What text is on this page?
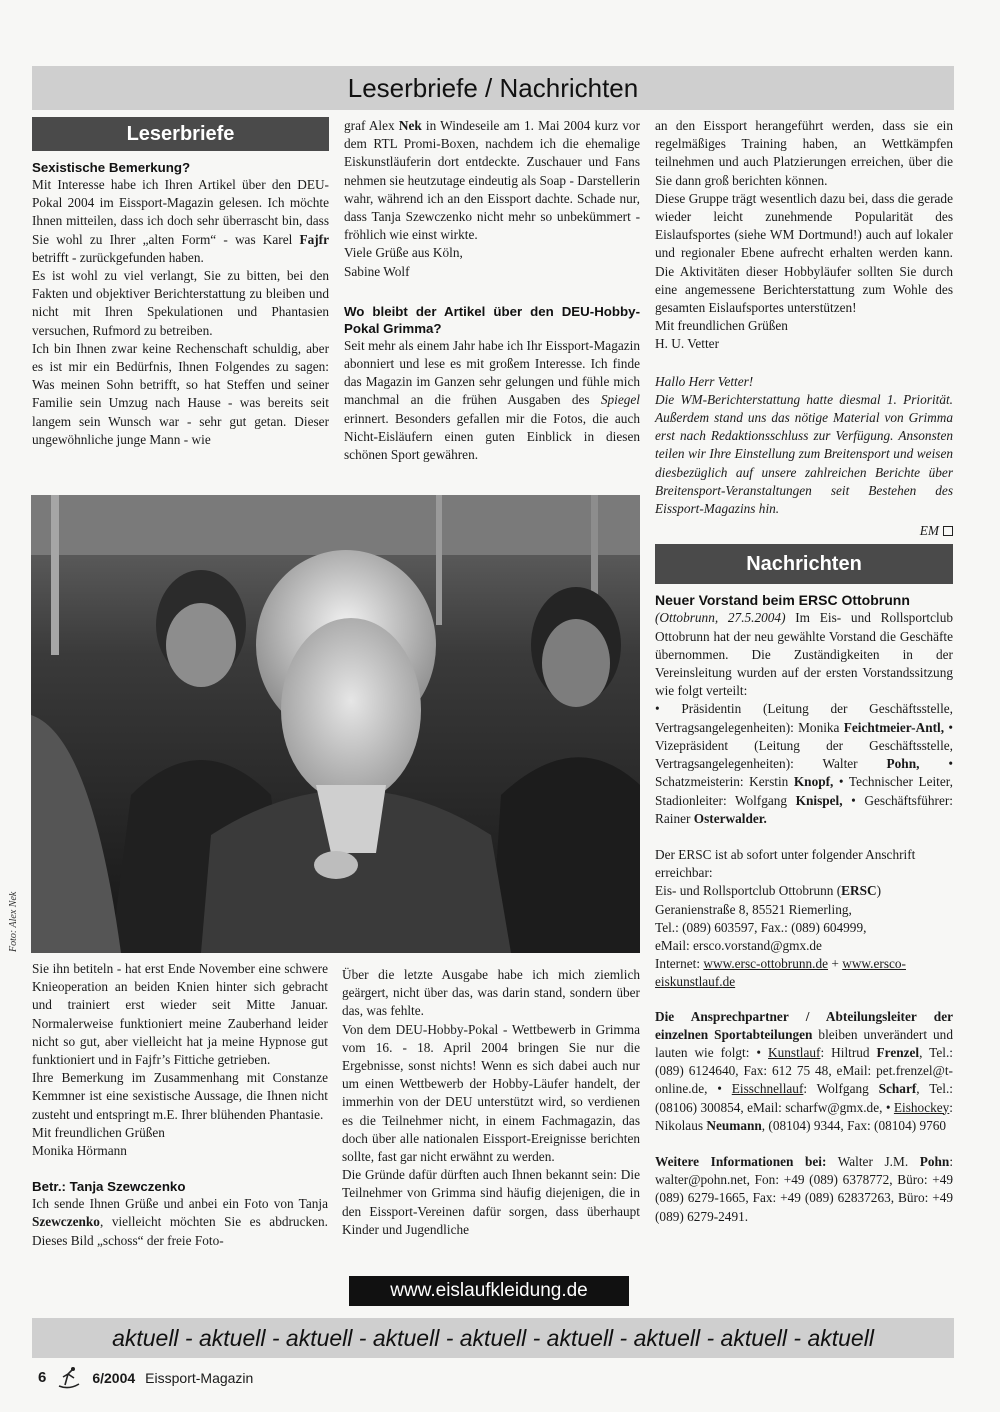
Leserbriefe / Nachrichten
Leserbriefe
Sexistische Bemerkung?

Mit Interesse habe ich Ihren Artikel über den DEU-Pokal 2004 im Eissport-Magazin gelesen. Ich möchte Ihnen mitteilen, dass ich doch sehr überrascht bin, dass Sie wohl zu Ihrer „alten Form“ - was Karel Fajfr betrifft - zurückgefunden haben.

Es ist wohl zu viel verlangt, Sie zu bitten, bei den Fakten und objektiver Berichterstattung zu bleiben und nicht mit Ihren Spekulationen und Phantasien versuchen, Rufmord zu betreiben.

Ich bin Ihnen zwar keine Rechenschaft schuldig, aber es ist mir ein Bedürfnis, Ihnen Folgendes zu sagen: Was meinen Sohn betrifft, so hat Steffen und seiner Familie sein Umzug nach Hause - was bereits seit langem sein Wunsch war - sehr gut getan. Dieser ungewöhnliche junge Mann - wie

graf Alex Nek in Windeseile am 1. Mai 2004 kurz vor dem RTL Promi-Boxen, nachdem ich die ehemalige Eiskunstläuferin dort entdeckte. Zuschauer und Fans nehmen sie heutzutage eindeutig als Soap - Darstellerin wahr, während ich an den Eissport dachte. Schade nur, dass Tanja Szewczenko nicht mehr so unbekümmert - fröhlich wie einst wirkte.

Viele Grüße aus Köln,

Sabine Wolf

Wo bleibt der Artikel über den DEU-Hobby-Pokal Grimma?

Seit mehr als einem Jahr habe ich Ihr Eissport-Magazin abonniert und lese es mit großem Interesse. Ich finde das Magazin im Ganzen sehr gelungen und fühle mich manchmal an die frühen Ausgaben des Spiegel erinnert. Besonders gefallen mir die Fotos, die auch Nicht-Eisläufern einen guten Einblick in diesen schönen Sport gewähren.

an den Eissport herangeführt werden, dass sie ein regelmäßiges Training haben, an Wettkämpfen teilnehmen und auch Platzierungen erreichen, über die Sie dann groß berichten können.

Diese Gruppe trägt wesentlich dazu bei, dass die gerade wieder leicht zunehmende Popularität des Eislaufsportes (siehe WM Dortmund!) auch auf lokaler und regionaler Ebene aufrecht erhalten werden kann. Die Aktivitäten dieser Hobbyläufer sollten Sie durch eine angemessene Berichterstattung zum Wohle des gesamten Eislaufsportes unterstützen!

Mit freundlichen Grüßen

H. U. Vetter

Hallo Herr Vetter!

Die WM-Berichterstattung hatte diesmal 1. Priorität. Außerdem stand uns das nötige Material von Grimma erst nach Redaktionsschluss zur Verfügung. Ansonsten teilen wir Ihre Einstellung zum Breitensport und weisen diesbezüglich auf unsere zahlreichen Berichte über Breitensport-Veranstaltungen seit Bestehen des Eissport-Magazins hin.

EM
Nachrichten
Neuer Vorstand beim ERSC Ottobrunn

(Ottobrunn, 27.5.2004) Im Eis- und Rollsportclub Ottobrunn hat der neu gewählte Vorstand die Geschäfte übernommen. Die Zuständigkeiten in der Vereinsleitung wurden auf der ersten Vorstandssitzung wie folgt verteilt:

• Präsidentin (Leitung der Geschäftsstelle, Vertragsangelegenheiten): Monika Feichtmeier-Antl, • Vizepräsident (Leitung der Geschäftsstelle, Vertragsangelegenheiten): Walter Pohn, • Schatzmeisterin: Kerstin Knopf, • Technischer Leiter, Stadionleiter: Wolfgang Knispel, • Geschäftsführer: Rainer Osterwalder.

Der ERSC ist ab sofort unter folgender Anschrift erreichbar:

Eis- und Rollsportclub Ottobrunn (ERSC)

Geranienstraße 8, 85521 Riemerling,

Tel.: (089) 603597, Fax.: (089) 604999,

eMail: ersco.vorstand@gmx.de

Internet: www.ersc-ottobrunn.de + www.ersco-eiskunstlauf.de

Die Ansprechpartner / Abteilungsleiter der einzelnen Sportabteilungen bleiben unverändert und lauten wie folgt: • Kunstlauf: Hiltrud Frenzel, Tel.: (089) 6124640, Fax: 612 75 48, eMail: pet.frenzel@t-online.de, • Eisschnellauf: Wolfgang Scharf, Tel.: (08106) 300854, eMail: scharfw@gmx.de, • Eishockey: Nikolaus Neumann, (08104) 9344, Fax: (08104) 9760

Weitere Informationen bei: Walter J.M. Pohn: walter@pohn.net, Fon: +49 (089) 6378772, Büro: +49 (089) 6279-1665, Fax: +49 (089) 62837263, Büro: +49 (089) 6279-2491.

Foto: Alex Nek

Sie ihn betiteln - hat erst Ende November eine schwere Knieoperation an beiden Knien hinter sich gebracht und trainiert erst wieder seit Mitte Januar. Normalerweise funktioniert meine Zauberhand leider nicht so gut, aber vielleicht hat ja meine Hypnose gut funktioniert und in Fajfr’s Fittiche getrieben.

Ihre Bemerkung im Zusammenhang mit Constanze Kemmner ist eine sexistische Aussage, die Ihnen nicht zusteht und entspringt m.E. Ihrer blühenden Phantasie.

Mit freundlichen Grüßen

Monika Hörmann

Betr.: Tanja Szewczenko

Ich sende Ihnen Grüße und anbei ein Foto von Tanja Szewczenko, vielleicht möchten Sie es abdrucken. Dieses Bild „schoss“ der freie Foto-

Über die letzte Ausgabe habe ich mich ziemlich geärgert, nicht über das, was darin stand, sondern über das, was fehlte.

Von dem DEU-Hobby-Pokal - Wettbewerb in Grimma vom 16. - 18. April 2004 bringen Sie nur die Ergebnisse, sonst nichts! Wenn es sich dabei auch nur um einen Wettbewerb der Hobby-Läufer handelt, der immerhin von der DEU unterstützt wird, so verdienen es die Teilnehmer nicht, in einem Fachmagazin, das doch über alle nationalen Eissport-Ereignisse berichten sollte, fast gar nicht erwähnt zu werden.

Die Gründe dafür dürften auch Ihnen bekannt sein: Die Teilnehmer von Grimma sind häufig diejenigen, die in den Eissport-Vereinen dafür sorgen, dass überhaupt Kinder und Jugendliche

www.eislaufkleidung.de
aktuell - aktuell - aktuell - aktuell - aktuell - aktuell - aktuell - aktuell - aktuell
6	6/2004 Eissport-Magazin
